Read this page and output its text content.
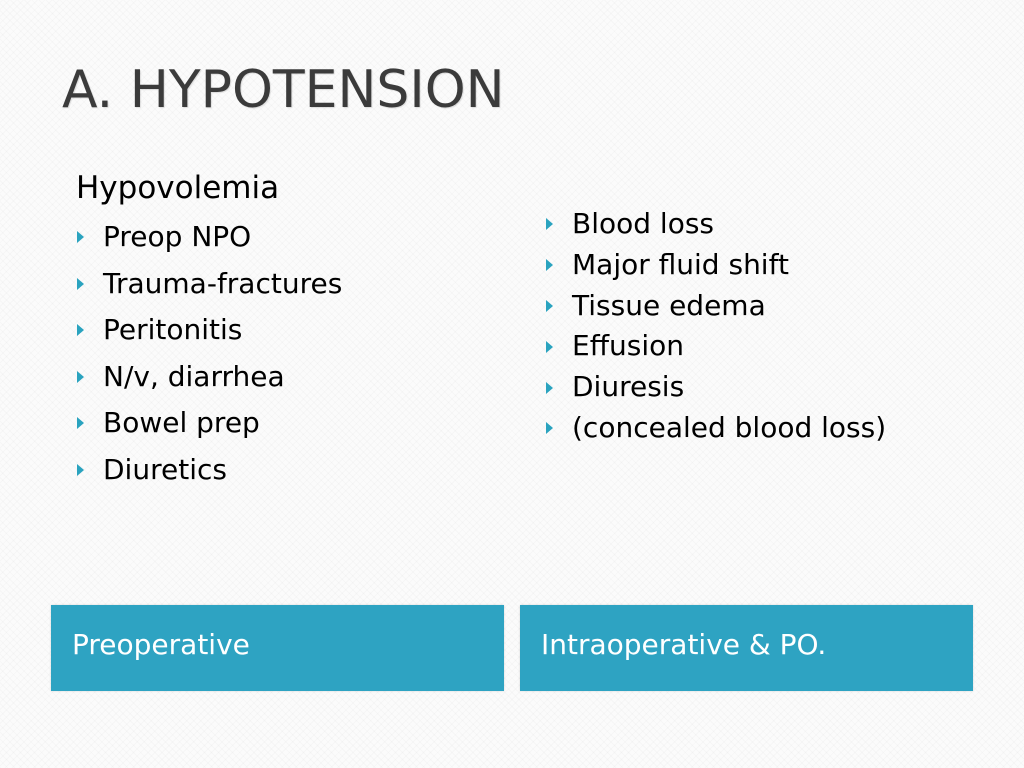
A. HYPOTENSION
Hypovolemia
Preop NPO
Trauma-fractures
Peritonitis
N/v, diarrhea
Bowel prep
Diuretics
Blood loss
Major fluid shift
Tissue edema
Effusion
Diuresis
(concealed blood loss)
Preoperative	Intraoperative & PO.
